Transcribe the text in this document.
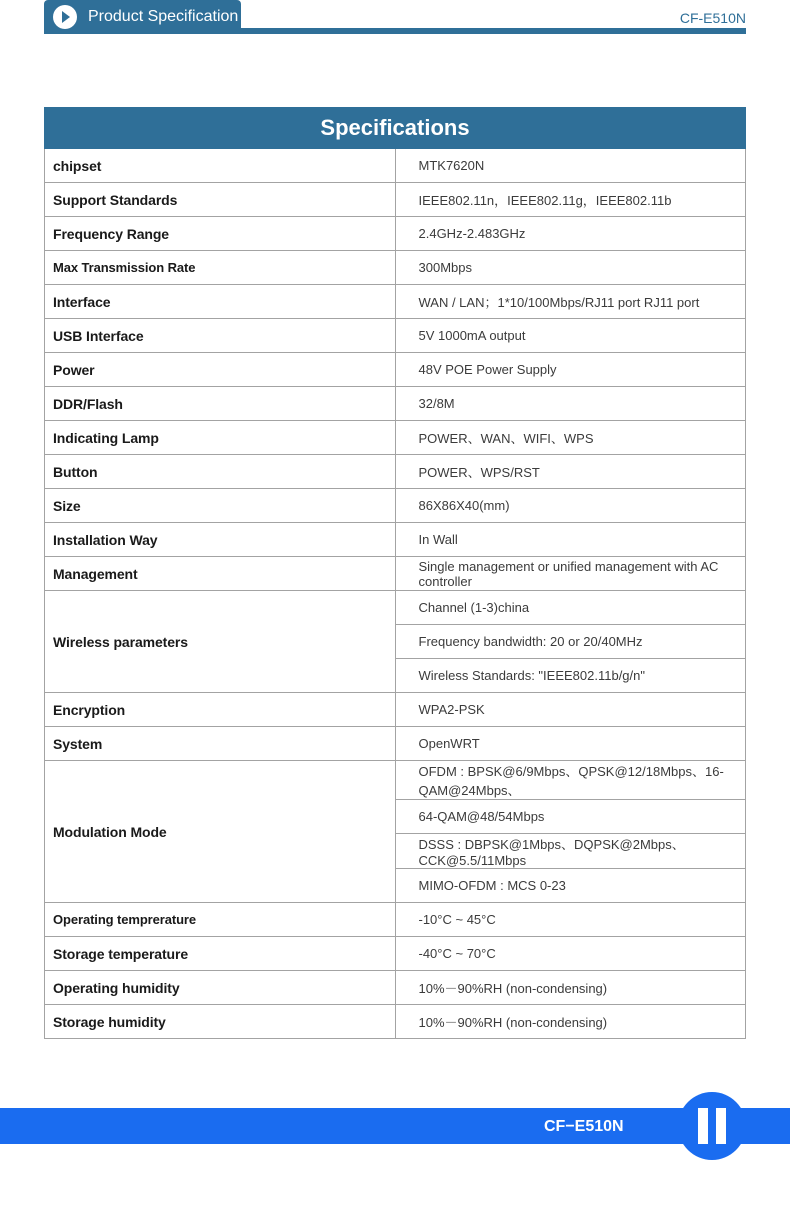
Product Specification	CF-E510N
Specifications	
chipset	MTK7620N
Support Standards	IEEE802.11n，IEEE802.11g，IEEE802.11b
Frequency Range	2.4GHz-2.483GHz
Max Transmission Rate	300Mbps
Interface	WAN / LAN；1*10/100Mbps/RJ11 port RJ11 port
USB Interface	5V 1000mA output
Power	48V POE Power Supply
DDR/Flash	32/8M
Indicating Lamp	POWER、WAN、WIFI、WPS
Button	POWER、WPS/RST
Size	86X86X40(mm)
Installation Way	In Wall
Management	Single management or unified management with AC controller
Wireless parameters	Channel (1-3)china
	Frequency bandwidth: 20 or 20/40MHz
	Wireless Standards: "IEEE802.11b/g/n"
Encryption	WPA2-PSK
System	OpenWRT
Modulation Mode	OFDM : BPSK@6/9Mbps、QPSK@12/18Mbps、16-QAM@24Mbps、
	64-QAM@48/54Mbps
	DSSS : DBPSK@1Mbps、DQPSK@2Mbps、CCK@5.5/11Mbps
	MIMO-OFDM : MCS 0-23
Operating temprerature	-10°C ~ 45°C
Storage temperature	-40°C ~ 70°C
Operating humidity	10%－90%RH (non-condensing)
Storage humidity	10%－90%RH (non-condensing)
CF−E510N
